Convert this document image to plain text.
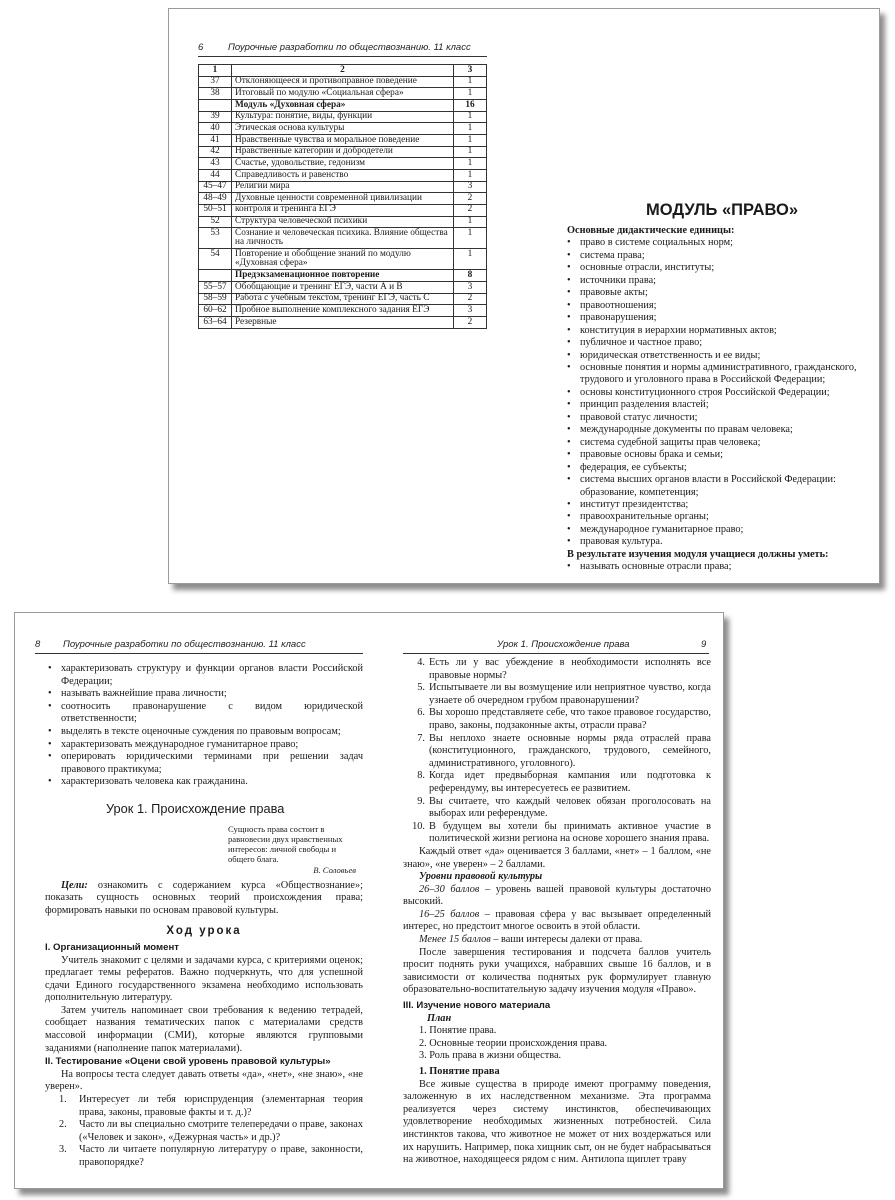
6	Поурочные разработки по обществознанию. 11 класс
1	2	3
37	Отклоняющееся и противоправное поведение	1
38	Итоговый по модулю «Социальная сфера»	1
	Модуль «Духовная сфера»	16
39	Культура: понятие, виды, функции	1
40	Этическая основа культуры	1
41	Нравственные чувства и моральное поведение	1
42	Нравственные категории и добродетели	1
43	Счастье, удовольствие, гедонизм	1
44	Справедливость и равенство	1
45–47	Религии мира	3
48–49	Духовные ценности современной цивилизации	2
50–51	контроля и тренинга ЕГЭ	2
52	Структура человеческой психики	1
53	Сознание и человеческая психика. Влияние общества на личность	1
54	Повторение и обобщение знаний по модулю «Духовная сфера»	1
	Предэкзаменационное повторение	8
55–57	Обобщающие и тренинг ЕГЭ, части А и В	3
58–59	Работа с учебным текстом, тренинг ЕГЭ, часть С	2
60–62	Пробное выполнение комплексного задания ЕГЭ	3
63–64	Резервные	2
МОДУЛЬ «ПРАВО»
Основные дидактические единицы:
• право в системе социальных норм;
• система права;
• основные отрасли, институты;
• источники права;
• правовые акты;
• правоотношения;
• правонарушения;
• конституция в иерархии нормативных актов;
• публичное и частное право;
• юридическая ответственность и ее виды;
• основные понятия и нормы административного, гражданского, трудового и уголовного права в Российской Федерации;
• основы конституционного строя Российской Федерации;
• принцип разделения властей;
• правовой статус личности;
• международные документы по правам человека;
• система судебной защиты прав человека;
• правовые основы брака и семьи;
• федерация, ее субъекты;
• система высших органов власти в Российской Федерации: образование, компетенция;
• институт президентства;
• правоохранительные органы;
• международное гуманитарное право;
• правовая культура.
В результате изучения модуля учащиеся должны уметь:
• называть основные отрасли права;
8 Поурочные разработки по обществознанию. 11 класс	Урок 1. Происхождение права	9
• характеризовать структуру и функции органов власти Российской Федерации;
• называть важнейшие права личности;
• соотносить правонарушение с видом юридической ответственности;
• выделять в тексте оценочные суждения по правовым вопросам;
• характеризовать международное гуманитарное право;
• оперировать юридическими терминами при решении задач правового практикума;
• характеризовать человека как гражданина.
Урок 1. Происхождение права
Сущность права состоит в равновесии двух нравственных интересов: личной свободы и общего блага.
В. Соловьев
Цели: ознакомить с содержанием курса «Обществознание»; показать сущность основных теорий происхождения права; формировать навыки по основам правовой культуры.
Ход урока
I. Организационный момент
Учитель знакомит с целями и задачами курса, с критериями оценок; предлагает темы рефератов. Важно подчеркнуть, что для успешной сдачи Единого государственного экзамена необходимо использовать дополнительную литературу.
Затем учитель напоминает свои требования к ведению тетрадей, сообщает названия тематических папок с материалами средств массовой информации (СМИ), которые являются групповыми заданиями (наполнение папок материалами).
II. Тестирование «Оцени свой уровень правовой культуры»
На вопросы теста следует давать ответы «да», «нет», «не знаю», «не уверен».
1. Интересует ли тебя юриспруденция (элементарная теория права, законы, правовые факты и т. д.)?
2. Часто ли вы специально смотрите телепередачи о праве, законах («Человек и закон», «Дежурная часть» и др.)?
3. Часто ли читаете популярную литературу о праве, законности, правопорядке?
4. Есть ли у вас убеждение в необходимости исполнять все правовые нормы?
5. Испытываете ли вы возмущение или неприятное чувство, когда узнаете об очередном грубом правонарушении?
6. Вы хорошо представляете себе, что такое правовое государство, право, законы, подзаконные акты, отрасли права?
7. Вы неплохо знаете основные нормы ряда отраслей права (конституционного, гражданского, трудового, семейного, административного, уголовного).
8. Когда идет предвыборная кампания или подготовка к референдуму, вы интересуетесь ее развитием.
9. Вы считаете, что каждый человек обязан проголосовать на выборах или референдуме.
10. В будущем вы хотели бы принимать активное участие в политической жизни региона на основе хорошего знания права.
Каждый ответ «да» оценивается 3 баллами, «нет» – 1 баллом, «не знаю», «не уверен» – 2 баллами.
Уровни правовой культуры
26–30 баллов – уровень вашей правовой культуры достаточно высокий.
16–25 баллов – правовая сфера у вас вызывает определенный интерес, но предстоит многое освоить в этой области.
Менее 15 баллов – ваши интересы далеки от права.
После завершения тестирования и подсчета баллов учитель просит поднять руки учащихся, набравших свыше 16 баллов, и в зависимости от количества поднятых рук формулирует главную образовательно-воспитательную задачу изучения модуля «Право».
III. Изучение нового материала
План
1. Понятие права.
2. Основные теории происхождения права.
3. Роль права в жизни общества.
1. Понятие права
Все живые существа в природе имеют программу поведения, заложенную в их наследственном механизме. Эта программа реализуется через систему инстинктов, обеспечивающих удовлетворение необходимых жизненных потребностей. Сила инстинктов такова, что животное не может от них воздержаться или их нарушить. Например, пока хищник сыт, он не будет набрасываться на животное, находящееся рядом с ним. Антилопа щиплет траву
